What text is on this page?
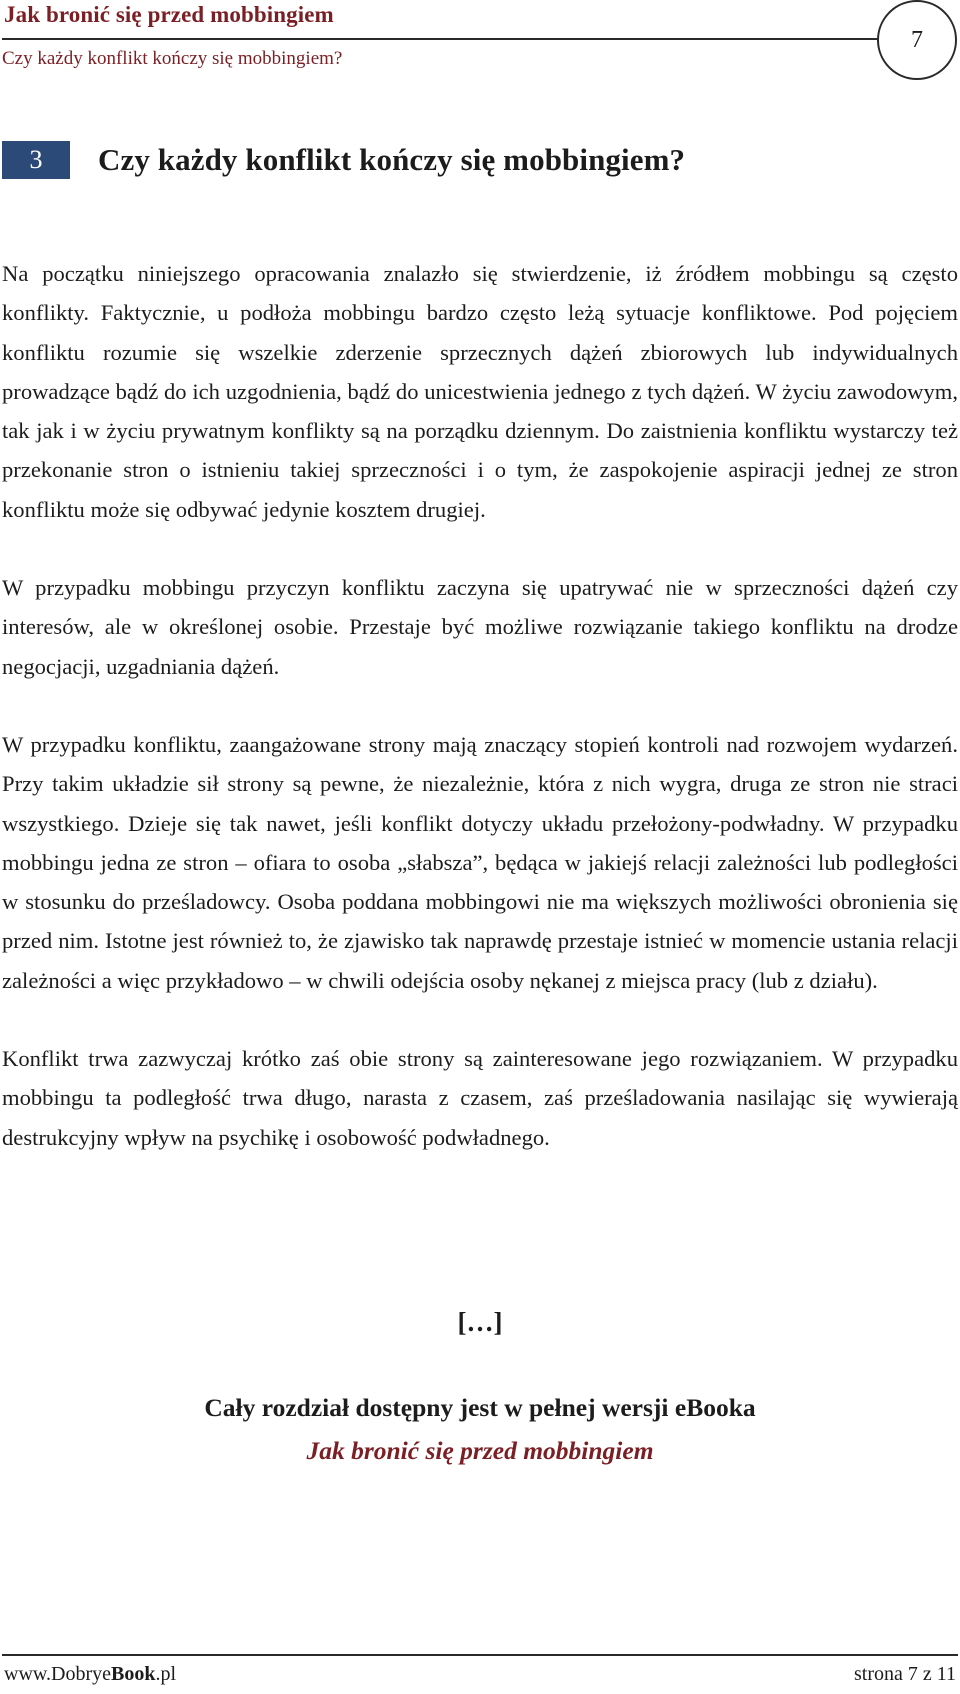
Jak bronić się przed mobbingiem
Czy każdy konflikt kończy się mobbingiem?
7
3	Czy każdy konflikt kończy się mobbingiem?

Na początku niniejszego opracowania znalazło się stwierdzenie, iż źródłem mobbingu są często konflikty. Faktycznie, u podłoża mobbingu bardzo często leżą sytuacje konfliktowe. Pod pojęciem konfliktu rozumie się wszelkie zderzenie sprzecznych dążeń zbiorowych lub indywidualnych prowadzące bądź do ich uzgodnienia, bądź do unicestwienia jednego z tych dążeń. W życiu zawodowym, tak jak i w życiu prywatnym konflikty są na porządku dziennym. Do zaistnienia konfliktu wystarczy też przekonanie stron o istnieniu takiej sprzeczności i o tym, że zaspokojenie aspiracji jednej ze stron konfliktu może się odbywać jedynie kosztem drugiej.

W przypadku mobbingu przyczyn konfliktu zaczyna się upatrywać nie w sprzeczności dążeń czy interesów, ale w określonej osobie. Przestaje być możliwe rozwiązanie takiego konfliktu na drodze negocjacji, uzgadniania dążeń.

W przypadku konfliktu, zaangażowane strony mają znaczący stopień kontroli nad rozwojem wydarzeń. Przy takim układzie sił strony są pewne, że niezależnie, która z nich wygra, druga ze stron nie straci wszystkiego. Dzieje się tak nawet, jeśli konflikt dotyczy układu przełożony-podwładny. W przypadku mobbingu jedna ze stron – ofiara to osoba „słabsza”, będąca w jakiejś relacji zależności lub podległości w stosunku do prześladowcy. Osoba poddana mobbingowi nie ma większych możliwości obronienia się przed nim. Istotne jest również to, że zjawisko tak naprawdę przestaje istnieć w momencie ustania relacji zależności a więc przykładowo – w chwili odejścia osoby nękanej z miejsca pracy (lub z działu).

Konflikt trwa zazwyczaj krótko zaś obie strony są zainteresowane jego rozwiązaniem. W przypadku mobbingu ta podległość trwa długo, narasta z czasem, zaś prześladowania nasilając się wywierają destrukcyjny wpływ na psychikę i osobowość podwładnego.

[…]
Cały rozdział dostępny jest w pełnej wersji eBooka
Jak bronić się przed mobbingiem
www.DobryeBook.pl	strona 7 z 11
